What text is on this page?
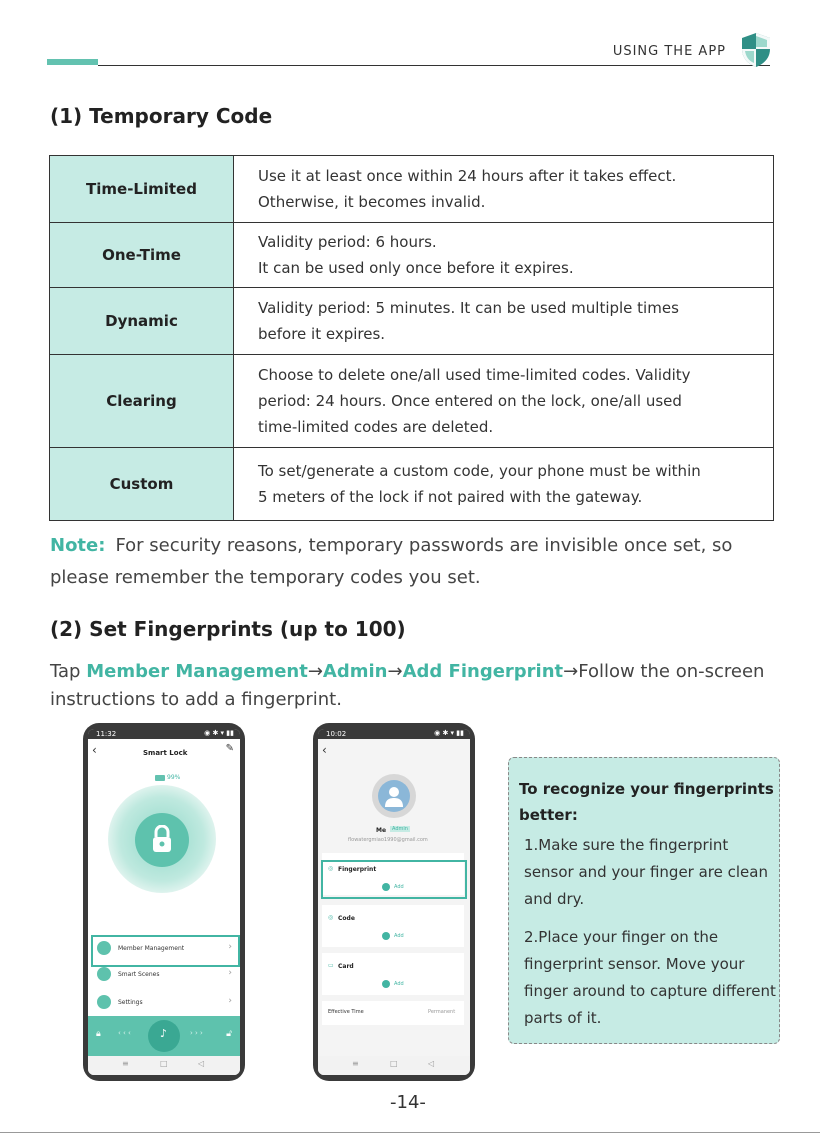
USING THE APP
(1) Temporary Code
Time-Limited	Use it at least once within 24 hours after it takes effect.
Otherwise, it becomes invalid.

One-Time	Validity period: 6 hours.
It can be used only once before it expires.

Dynamic	Validity period: 5 minutes. It can be used multiple times
before it expires.

Clearing	Choose to delete one/all used time-limited codes. Validity
period: 24 hours. Once entered on the lock, one/all used
time-limited codes are deleted.

Custom	To set/generate a custom code, your phone must be within
5 meters of the lock if not paired with the gateway.
Note: For security reasons, temporary passwords are invisible once set, so please remember the temporary codes you set.
(2) Set Fingerprints (up to 100)
Tap Member Management→Admin→Add Fingerprint→Follow the on-screen instructions to add a fingerprint.
11:32	◉ ✱ ▾ ▮▮
‹	Smart Lock	✎
99%
Member Management	›
Smart Scenes	›
Settings	›
🔒︎ ‹ ‹ ‹	♪	› › ›	🔓︎
≡	□	◁
10:02	◉ ✱ ▾ ▮▮
‹
Me	Admin
flowatergmiao1990@gmail.com
◎ Fingerprint
Add
◎ Code
Add
▭ Card
Add
Effective Time	Permanent
≡	□	◁
To recognize your fingerprints better:
1.Make sure the fingerprint sensor and your finger are clean and dry.
2.Place your finger on the fingerprint sensor. Move your finger around to capture different parts of it.
-14-
